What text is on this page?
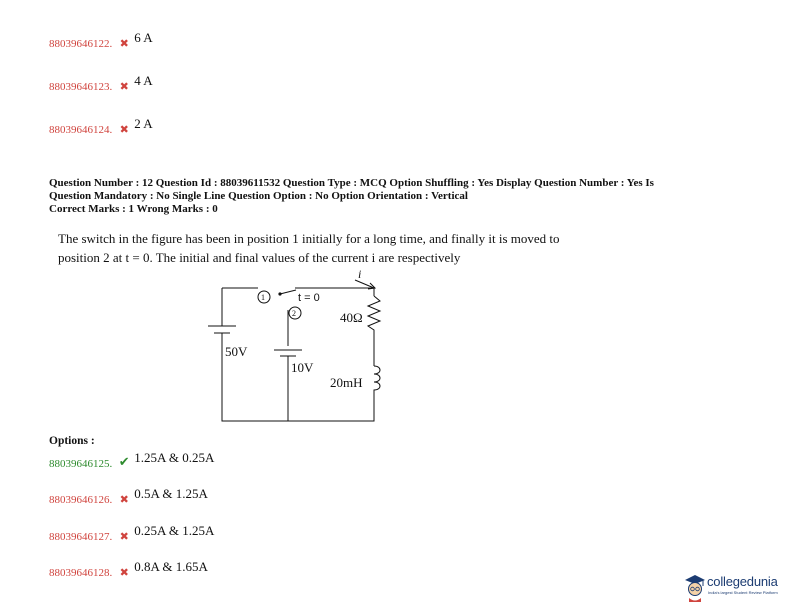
88039646122. ✖ 6 A
88039646123. ✖ 4 A
88039646124. ✖ 2 A
Question Number : 12 Question Id : 88039611532 Question Type : MCQ Option Shuffling : Yes Display Question Number : Yes Is
Question Mandatory : No Single Line Question Option : No Option Orientation : Vertical
Correct Marks : 1 Wrong Marks : 0
The switch in the figure has been in position 1 initially for a long time, and finally it is moved to
position 2 at t = 0. The initial and final values of the current i are respectively
1
2
t = 0
i
40Ω
50V
10V
20mH
Options :
88039646125. ✔ 1.25A & 0.25A
88039646126. ✖ 0.5A & 1.25A
88039646127. ✖ 0.25A & 1.25A
88039646128. ✖ 0.8A & 1.65A
collegedunia
India's largest Student Review Platform
